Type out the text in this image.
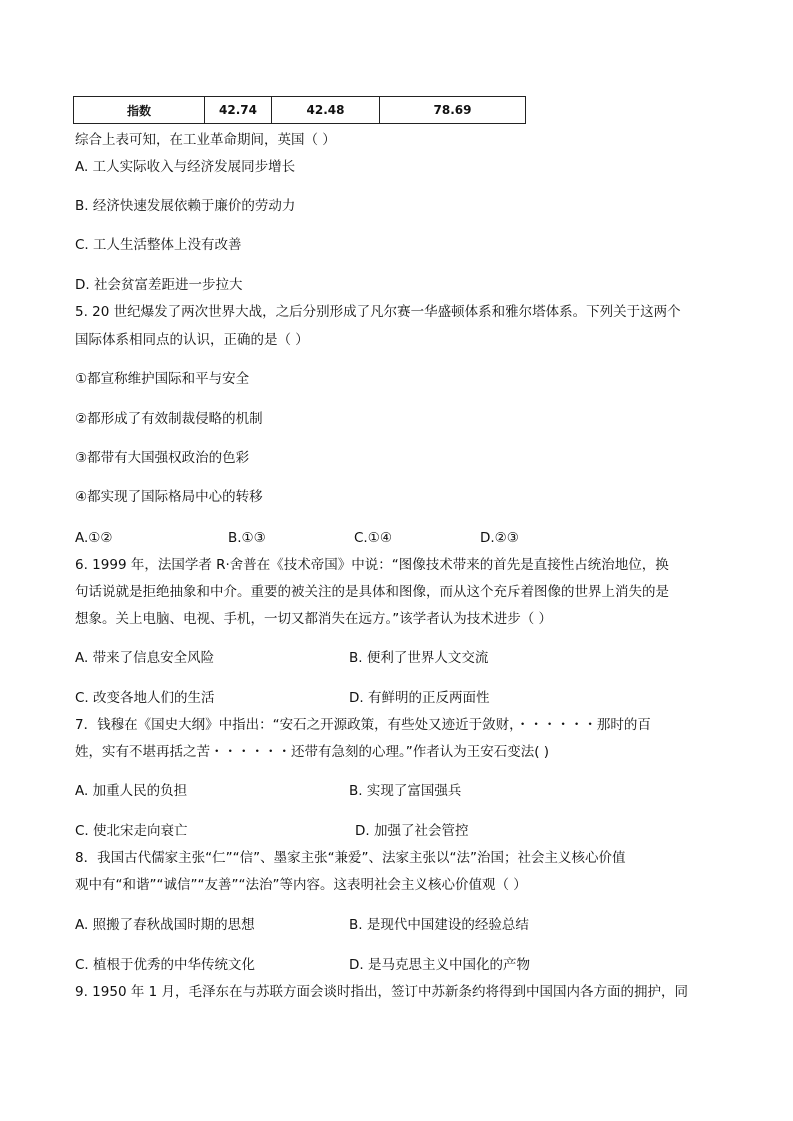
指数	42.74	42.48	78.69
综合上表可知，在工业革命期间，英国（ ）
A. 工人实际收入与经济发展同步增长
B. 经济快速发展依赖于廉价的劳动力
C. 工人生活整体上没有改善
D. 社会贫富差距进一步拉大
5. 20 世纪爆发了两次世界大战，之后分别形成了凡尔赛一华盛顿体系和雅尔塔体系。下列关于这两个
国际体系相同点的认识，正确的是（ ）
①都宣称维护国际和平与安全
②都形成了有效制裁侵略的机制
③都带有大国强权政治的色彩
④都实现了国际格局中心的转移
A.①②	B.①③	C.①④	D.②③
6. 1999 年，法国学者 R·舍普在《技术帝国》中说：“图像技术带来的首先是直接性占统治地位，换
句话说就是拒绝抽象和中介。重要的被关注的是具体和图像，而从这个充斥着图像的世界上消失的是
想象。关上电脑、电视、手机，一切又都消失在远方。”该学者认为技术进步（ ）
A. 带来了信息安全风险	B. 便利了世界人文交流
C. 改变各地人们的生活	D. 有鲜明的正反两面性
7．钱穆在《国史大纲》中指出：“安石之开源政策，有些处又迹近于敛财，・・・・・・那时的百
姓，实有不堪再括之苦・・・・・・还带有急刻的心理。”作者认为王安石变法( )
A. 加重人民的负担	B. 实现了富国强兵
C. 使北宋走向衰亡	D. 加强了社会管控
8．我国古代儒家主张“仁”“信”、墨家主张“兼爱”、法家主张以“法”治国；社会主义核心价值
观中有“和谐”“诚信”“友善”“法治”等内容。这表明社会主义核心价值观（ ）
A. 照搬了春秋战国时期的思想	B. 是现代中国建设的经验总结
C. 植根于优秀的中华传统文化	D. 是马克思主义中国化的产物
9. 1950 年 1 月，毛泽东在与苏联方面会谈时指出，签订中苏新条约将得到中国国内各方面的拥护，同
